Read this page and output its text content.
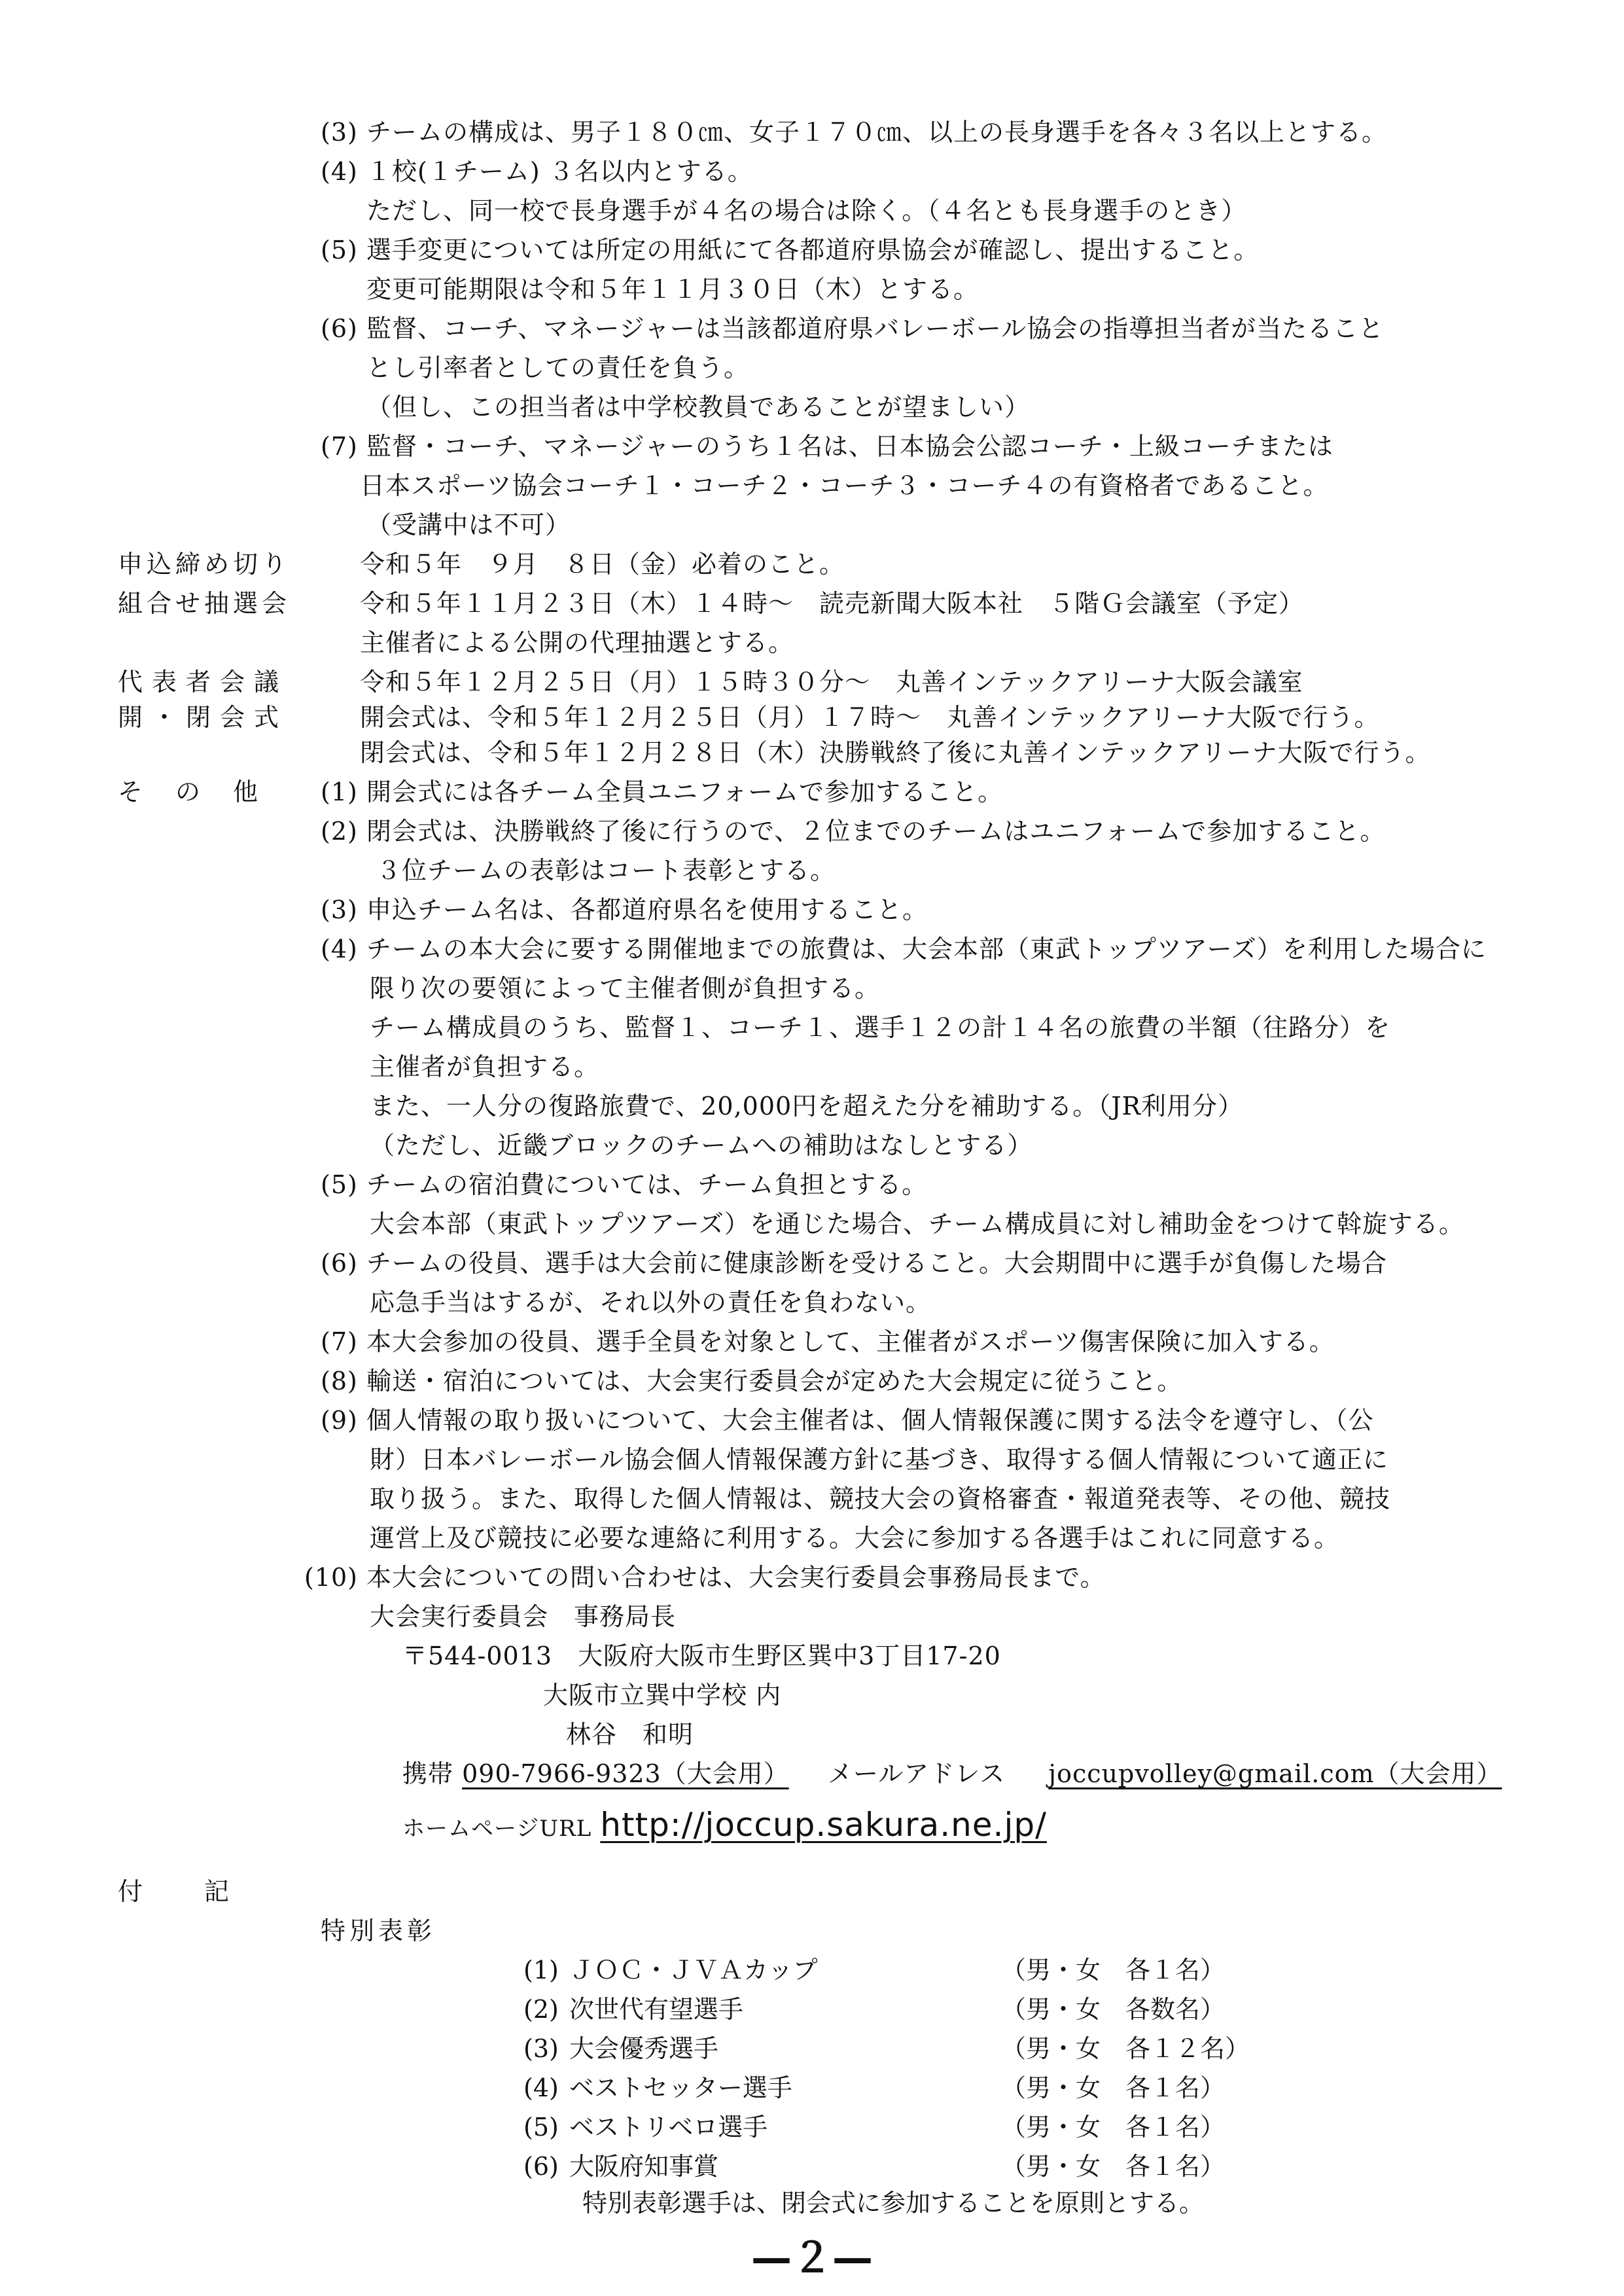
(3) チームの構成は、男子１８０㎝、女子１７０㎝、以上の長身選手を各々３名以上とする。
(4) １校(１チーム) ３名以内とする。
ただし、同一校で長身選手が４名の場合は除く。（４名とも長身選手のとき）
(5) 選手変更については所定の用紙にて各都道府県協会が確認し、提出すること。
変更可能期限は令和５年１１月３０日（木）とする。
(6) 監督、コーチ、マネージャーは当該都道府県バレーボール協会の指導担当者が当たること
とし引率者としての責任を負う。
（但し、この担当者は中学校教員であることが望ましい）
(7) 監督・コーチ、マネージャーのうち１名は、日本協会公認コーチ・上級コーチまたは
日本スポーツ協会コーチ１・コーチ２・コーチ３・コーチ４の有資格者であること。
（受講中は不可）
申込締め切り	令和５年　９月　８日（金）必着のこと。
組合せ抽選会	令和５年１１月２３日（木）１４時～　読売新聞大阪本社　５階Ｇ会議室（予定）
主催者による公開の代理抽選とする。
代表者会議	令和５年１２月２５日（月）１５時３０分～　丸善インテックアリーナ大阪会議室
開・閉会式	開会式は、令和５年１２月２５日（月）１７時～　丸善インテックアリーナ大阪で行う。
閉会式は、令和５年１２月２８日（木）決勝戦終了後に丸善インテックアリーナ大阪で行う。
そ　の　他 (1) 開会式には各チーム全員ユニフォームで参加すること。
(2) 閉会式は、決勝戦終了後に行うので、２位までのチームはユニフォームで参加すること。
３位チームの表彰はコート表彰とする。
(3) 申込チーム名は、各都道府県名を使用すること。
(4) チームの本大会に要する開催地までの旅費は、大会本部（東武トップツアーズ）を利用した場合に
限り次の要領によって主催者側が負担する。
チーム構成員のうち、監督１、コーチ１、選手１２の計１４名の旅費の半額（往路分）を
主催者が負担する。
また、一人分の復路旅費で、20,000円を超えた分を補助する。（JR利用分）
（ただし、近畿ブロックのチームへの補助はなしとする）
(5) チームの宿泊費については、チーム負担とする。
大会本部（東武トップツアーズ）を通じた場合、チーム構成員に対し補助金をつけて斡旋する。
(6) チームの役員、選手は大会前に健康診断を受けること。大会期間中に選手が負傷した場合
応急手当はするが、それ以外の責任を負わない。
(7) 本大会参加の役員、選手全員を対象として、主催者がスポーツ傷害保険に加入する。
(8) 輸送・宿泊については、大会実行委員会が定めた大会規定に従うこと。
(9) 個人情報の取り扱いについて、大会主催者は、個人情報保護に関する法令を遵守し、（公
財）日本バレーボール協会個人情報保護方針に基づき、取得する個人情報について適正に
取り扱う。また、取得した個人情報は、競技大会の資格審査・報道発表等、その他、競技
運営上及び競技に必要な連絡に利用する。大会に参加する各選手はこれに同意する。
(10) 本大会についての問い合わせは、大会実行委員会事務局長まで。
大会実行委員会　事務局長
〒544-0013　大阪府大阪市生野区巽中3丁目17-20
大阪市立巽中学校 内
林谷　和明
携帯 090-7966-9323（大会用） メールアドレス joccupvolley@gmail.com（大会用）
ホームページURL http://joccup.sakura.ne.jp/
付　　記
特別表彰
(1) ＪＯＣ・ＪＶＡカップ	（男・女　各１名）
(2) 次世代有望選手	（男・女　各数名）
(3) 大会優秀選手	（男・女　各１２名）
(4) ベストセッター選手	（男・女　各１名）
(5) ベストリベロ選手	（男・女　各１名）
(6) 大阪府知事賞	（男・女　各１名）
特別表彰選手は、閉会式に参加することを原則とする。
—２—
